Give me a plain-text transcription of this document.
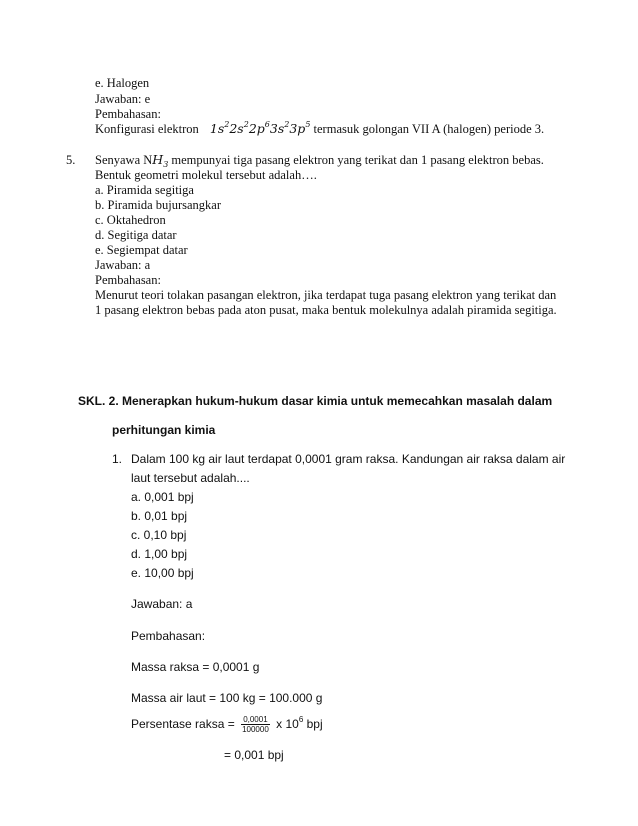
e. Halogen
Jawaban: e
Pembahasan:
Konfigurasi elektron   $1s^22s^22p^63s^23p^5$ termasuk golongan VII A (halogen) periode 3.
5. Senyawa $NH_3$ mempunyai tiga pasang elektron yang terikat dan 1 pasang elektron bebas.
Bentuk geometri molekul tersebut adalah….
a. Piramida segitiga
b. Piramida bujursangkar
c. Oktahedron
d. Segitiga datar
e. Segiempat datar
Jawaban: a
Pembahasan:
Menurut teori tolakan pasangan elektron, jika terdapat tuga pasang elektron yang terikat dan
1 pasang elektron bebas pada aton pusat, maka bentuk molekulnya adalah piramida segitiga.
SKL. 2. Menerapkan hukum-hukum dasar kimia untuk memecahkan masalah dalam
perhitungan kimia
1. Dalam 100 kg air laut terdapat 0,0001 gram raksa. Kandungan air raksa dalam air
laut tersebut adalah....
a. 0,001 bpj
b. 0,01 bpj
c. 0,10 bpj
d. 1,00 bpj
e. 10,00 bpj
Jawaban: a
Pembahasan:
Massa raksa = 0,0001 g
Massa air laut = 100 kg = 100.000 g
Persentase raksa = $\frac{0,0001}{100000}$ x $10^6$ bpj
= 0,001 bpj
